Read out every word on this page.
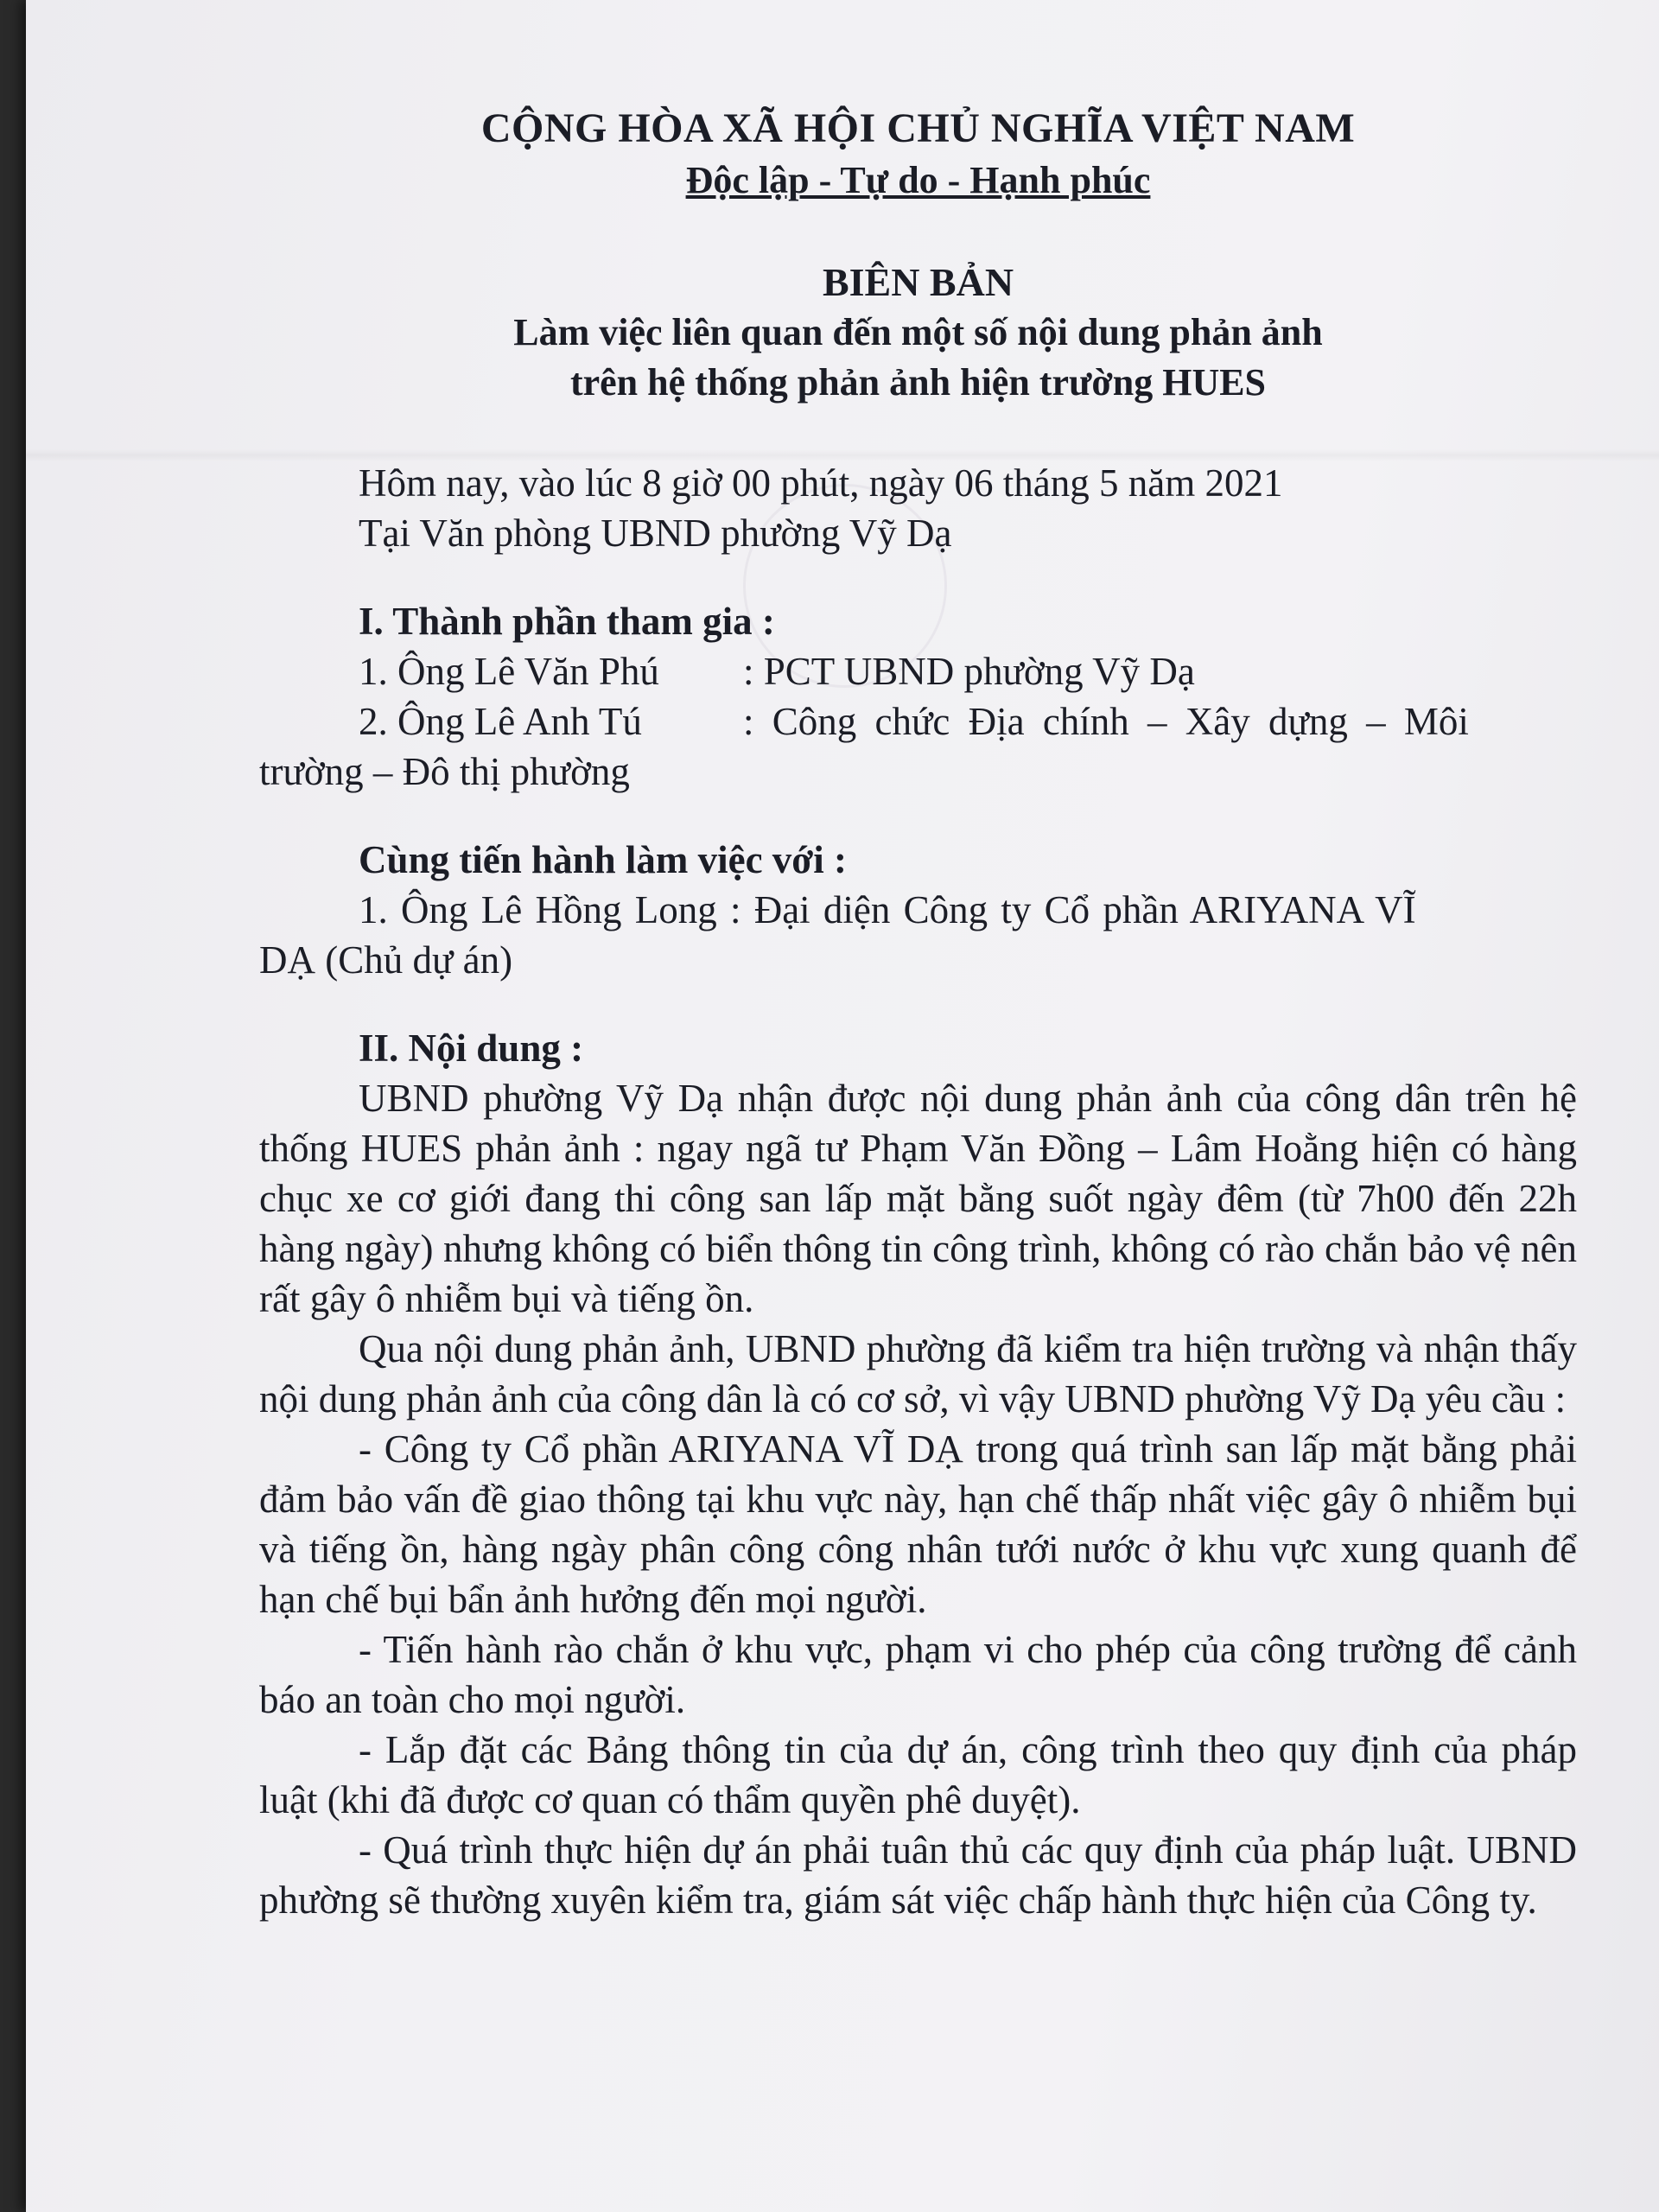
CỘNG HÒA XÃ HỘI CHỦ NGHĨA VIỆT NAM
Độc lập - Tự do - Hạnh phúc
BIÊN BẢN
Làm việc liên quan đến một số nội dung phản ảnh
trên hệ thống phản ảnh hiện trường HUES
Hôm nay, vào lúc 8 giờ 00 phút, ngày 06 tháng 5 năm 2021
Tại Văn phòng UBND phường Vỹ Dạ
I. Thành phần tham gia :
1. Ông Lê Văn Phú	: PCT UBND phường Vỹ Dạ
2. Ông Lê Anh Tú	: Công chức Địa chính – Xây dựng – Môi
trường – Đô thị phường
Cùng tiến hành làm việc với :
1. Ông Lê Hồng Long : Đại diện Công ty Cổ phần ARIYANA VĨ
DẠ (Chủ dự án)
II. Nội dung :
UBND phường Vỹ Dạ nhận được nội dung phản ảnh của công dân trên hệ thống HUES phản ảnh : ngay ngã tư Phạm Văn Đồng – Lâm Hoằng hiện có hàng chục xe cơ giới đang thi công san lấp mặt bằng suốt ngày đêm (từ 7h00 đến 22h hàng ngày) nhưng không có biển thông tin công trình, không có rào chắn bảo vệ nên rất gây ô nhiễm bụi và tiếng ồn.
Qua nội dung phản ảnh, UBND phường đã kiểm tra hiện trường và nhận thấy nội dung phản ảnh của công dân là có cơ sở, vì vậy UBND phường Vỹ Dạ yêu cầu :
- Công ty Cổ phần ARIYANA VĨ DẠ trong quá trình san lấp mặt bằng phải đảm bảo vấn đề giao thông tại khu vực này, hạn chế thấp nhất việc gây ô nhiễm bụi và tiếng ồn, hàng ngày phân công công nhân tưới nước ở khu vực xung quanh để hạn chế bụi bẩn ảnh hưởng đến mọi người.
- Tiến hành rào chắn ở khu vực, phạm vi cho phép của công trường để cảnh báo an toàn cho mọi người.
- Lắp đặt các Bảng thông tin của dự án, công trình theo quy định của pháp luật (khi đã được cơ quan có thẩm quyền phê duyệt).
- Quá trình thực hiện dự án phải tuân thủ các quy định của pháp luật. UBND phường sẽ thường xuyên kiểm tra, giám sát việc chấp hành thực hiện của Công ty.
